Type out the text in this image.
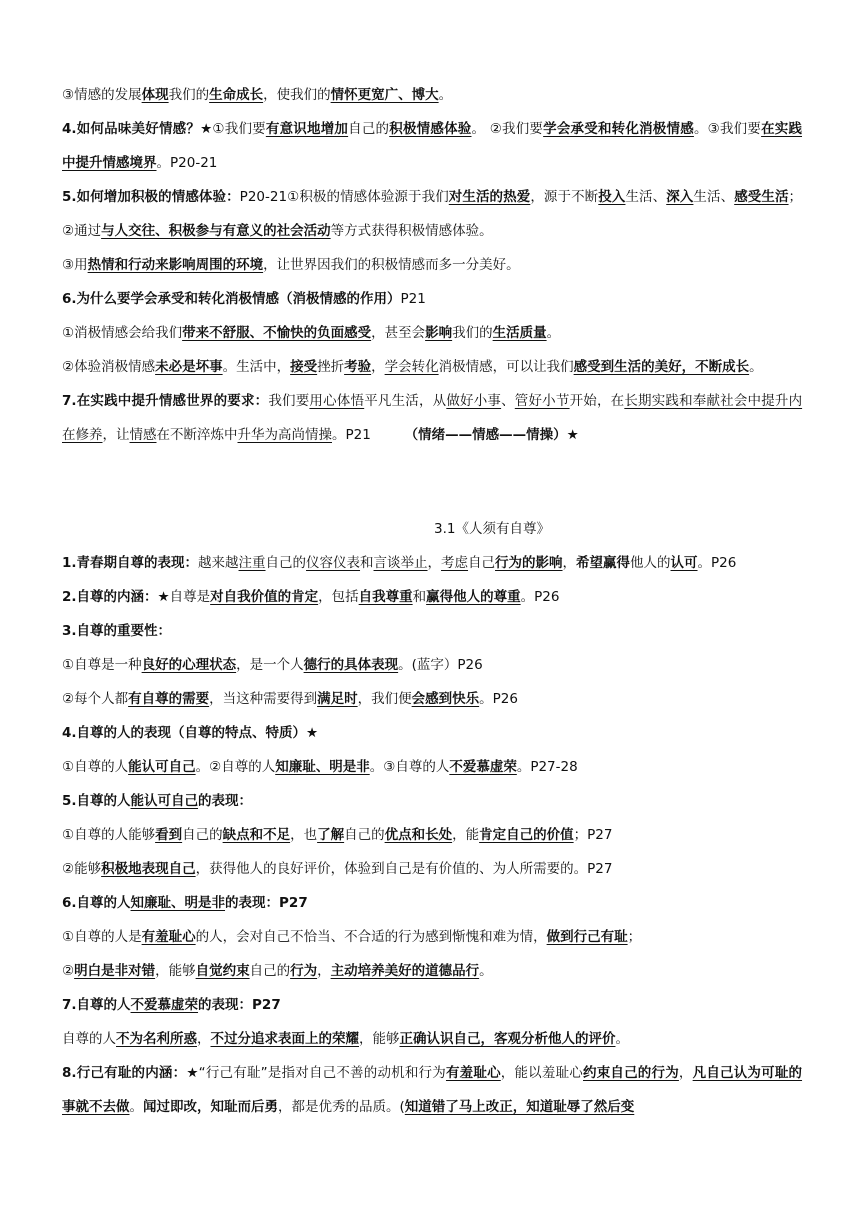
③情感的发展体现我们的生命成长，使我们的情怀更宽广、博大。

4.如何品味美好情感？★①我们要有意识地增加自己的积极情感体验。 ②我们要学会承受和转化消极情感。③我们要在实践中提升情感境界。P20-21

5.如何增加积极的情感体验：P20-21①积极的情感体验源于我们对生活的热爱，源于不断投入生活、深入生活、感受生活；②通过与人交往、积极参与有意义的社会活动等方式获得积极情感体验。

③用热情和行动来影响周围的环境，让世界因我们的积极情感而多一分美好。

6.为什么要学会承受和转化消极情感（消极情感的作用）P21

①消极情感会给我们带来不舒服、不愉快的负面感受，甚至会影响我们的生活质量。

②体验消极情感未必是坏事。生活中，接受挫折考验，学会转化消极情感，可以让我们感受到生活的美好，不断成长。

7.在实践中提升情感世界的要求：我们要用心体悟平凡生活，从做好小事、管好小节开始，在长期实践和奉献社会中提升内在修养，让情感在不断淬炼中升华为高尚情操。P21　　　（情绪——情感——情操）★

3.1《人须有自尊》

1.青春期自尊的表现：越来越注重自己的仪容仪表和言谈举止，考虑自己行为的影响，希望赢得他人的认可。P26

2.自尊的内涵：★自尊是对自我价值的肯定，包括自我尊重和赢得他人的尊重。P26

3.自尊的重要性：

①自尊是一种良好的心理状态，是一个人德行的具体表现。(蓝字）P26

②每个人都有自尊的需要，当这种需要得到满足时，我们便会感到快乐。P26

4.自尊的人的表现（自尊的特点、特质）★

①自尊的人能认可自己。②自尊的人知廉耻、明是非。③自尊的人不爱慕虚荣。P27-28

5.自尊的人能认可自己的表现：

①自尊的人能够看到自己的缺点和不足，也了解自己的优点和长处，能肯定自己的价值；P27

②能够积极地表现自己，获得他人的良好评价，体验到自己是有价值的、为人所需要的。P27

6.自尊的人知廉耻、明是非的表现：P27

①自尊的人是有羞耻心的人，会对自己不恰当、不合适的行为感到惭愧和难为情，做到行己有耻；

②明白是非对错，能够自觉约束自己的行为，主动培养美好的道德品行。

7.自尊的人不爱慕虚荣的表现：P27

自尊的人不为名利所惑，不过分追求表面上的荣耀，能够正确认识自己，客观分析他人的评价。

8.行己有耻的内涵：★“行己有耻”是指对自己不善的动机和行为有羞耻心，能以羞耻心约束自己的行为，凡自己认为可耻的事就不去做。闻过即改，知耻而后勇，都是优秀的品质。(知道错了马上改正，知道耻辱了然后变
